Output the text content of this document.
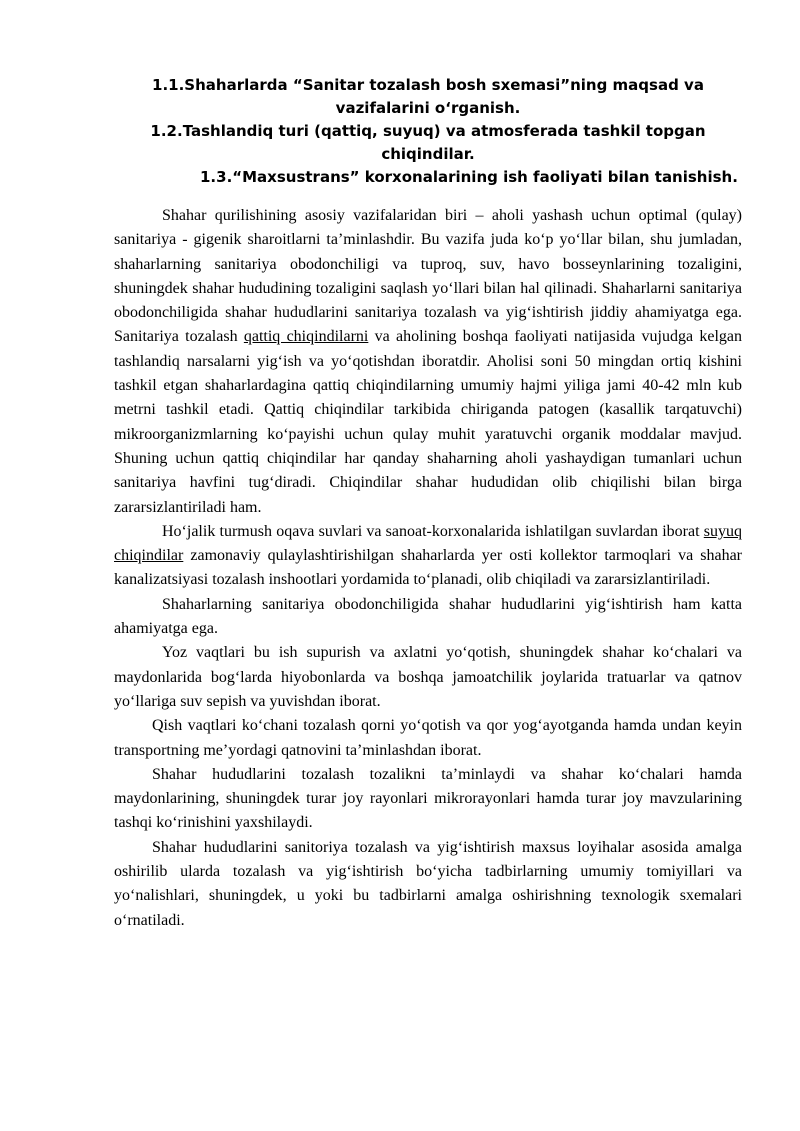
1.1.Shaharlarda “Sanitar tozalash bosh sxemasi”ning maqsad va vazifalarini o‘rganish.

1.2.Tashlandiq turi (qattiq, suyuq) va atmosferada tashkil topgan chiqindilar.

1.3.“Maxsustrans” korxonalarining ish faoliyati bilan tanishish.

Shahar qurilishining asosiy vazifalaridan biri – aholi yashash uchun optimal (qulay) sanitariya - gigenik sharoitlarni ta’minlashdir. Bu vazifa juda ko‘p yo‘llar bilan, shu jumladan, shaharlarning sanitariya obodonchiligi va tuproq, suv, havo bosseynlarining tozaligini, shuningdek shahar hududining tozaligini saqlash yo‘llari bilan hal qilinadi. Shaharlarni sanitariya obodonchiligida shahar hududlarini sanitariya tozalash va yig‘ishtirish jiddiy ahamiyatga ega. Sanitariya tozalash qattiq chiqindilarni va aholining boshqa faoliyati natijasida vujudga kelgan tashlandiq narsalarni yig‘ish va yo‘qotishdan iboratdir. Aholisi soni 50 mingdan ortiq kishini tashkil etgan shaharlardagina qattiq chiqindilarning umumiy hajmi yiliga jami 40-42 mln kub metrni tashkil etadi. Qattiq chiqindilar tarkibida chiriganda patogen (kasallik tarqatuvchi) mikroorganizmlarning ko‘payishi uchun qulay muhit yaratuvchi organik moddalar mavjud. Shuning uchun qattiq chiqindilar har qanday shaharning aholi yashaydigan tumanlari uchun sanitariya havfini tug‘diradi. Chiqindilar shahar hududidan olib chiqilishi bilan birga zararsizlantiriladi ham.

Ho‘jalik turmush oqava suvlari va sanoat-korxonalarida ishlatilgan suvlardan iborat suyuq chiqindilar zamonaviy qulaylashtirishilgan shaharlarda yer osti kollektor tarmoqlari va shahar kanalizatsiyasi tozalash inshootlari yordamida to‘planadi, olib chiqiladi va zararsizlantiriladi.

Shaharlarning sanitariya obodonchiligida shahar hududlarini yig‘ishtirish ham katta ahamiyatga ega.

Yoz vaqtlari bu ish supurish va axlatni yo‘qotish, shuningdek shahar ko‘chalari va maydonlarida bog‘larda hiyobonlarda va boshqa jamoatchilik joylarida tratuarlar va qatnov yo‘llariga suv sepish va yuvishdan iborat.

Qish vaqtlari ko‘chani tozalash qorni yo‘qotish va qor yog‘ayotganda hamda undan keyin transportning me’yordagi qatnovini ta’minlashdan iborat.

Shahar hududlarini tozalash tozalikni ta’minlaydi va shahar ko‘chalari hamda maydonlarining, shuningdek turar joy rayonlari mikrorayonlari hamda turar joy mavzularining tashqi ko‘rinishini yaxshilaydi.

Shahar hududlarini sanitoriya tozalash va yig‘ishtirish maxsus loyihalar asosida amalga oshirilib ularda tozalash va yig‘ishtirish bo‘yicha tadbirlarning umumiy tomiyillari va yo‘nalishlari, shuningdek, u yoki bu tadbirlarni amalga oshirishning texnologik sxemalari o‘rnatiladi.
